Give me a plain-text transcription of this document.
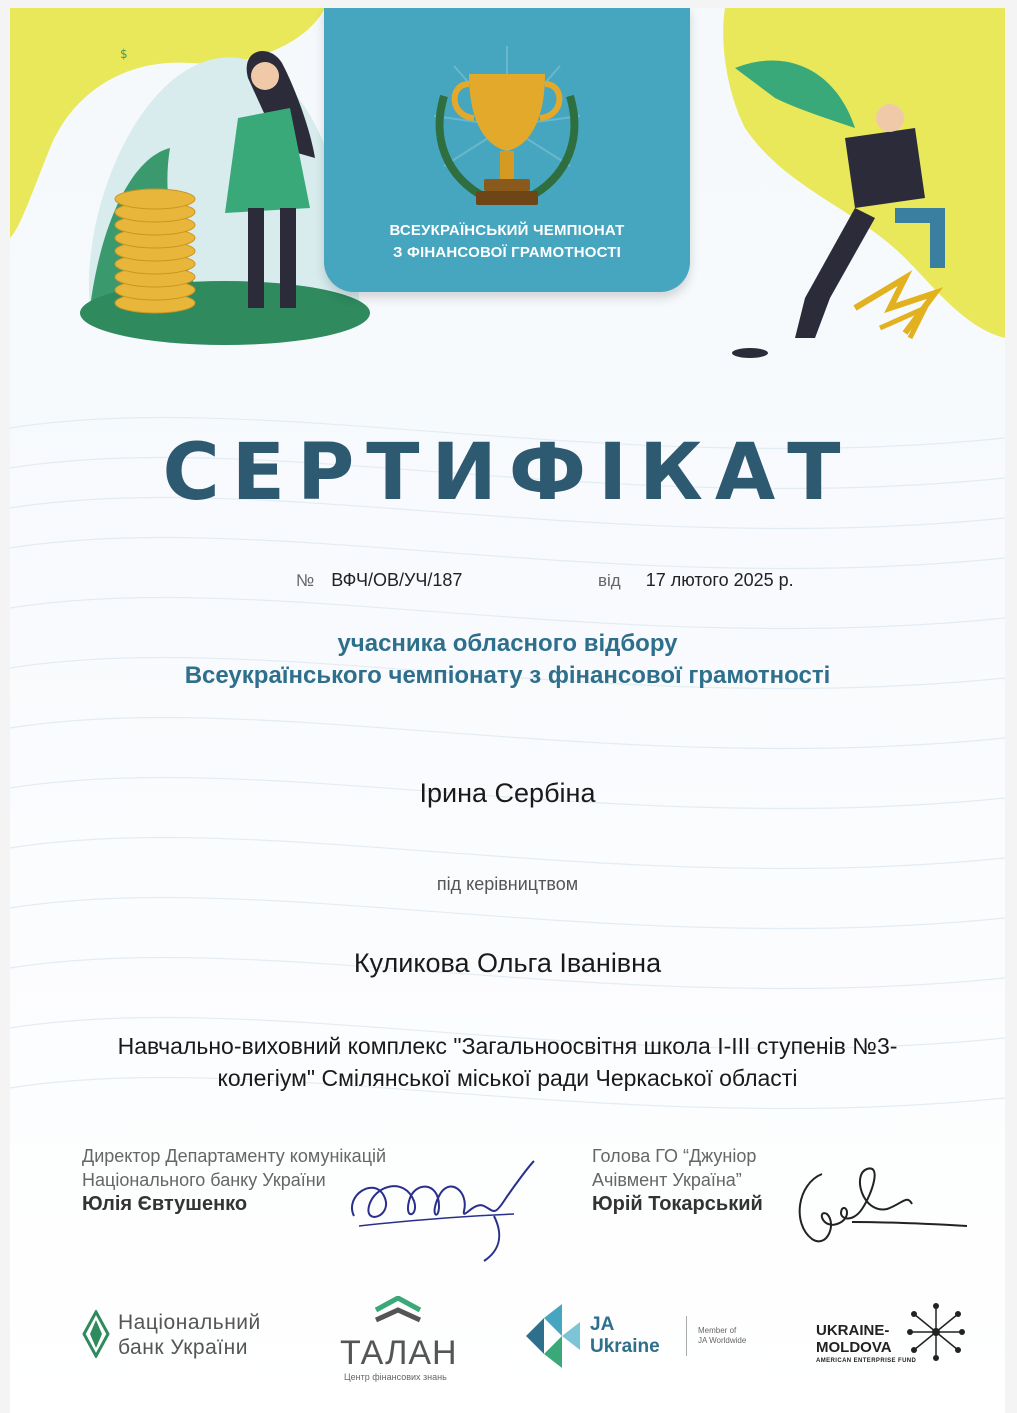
$
ВСЕУКРАЇНСЬКИЙ ЧЕМПІОНАТ
З ФІНАНСОВОЇ ГРАМОТНОСТІ
СЕРТИФІКАТ
№ ВФЧ/ОВ/УЧ/187	від 17 лютого 2025 р.
учасника обласного відбору
Всеукраїнського чемпіонату з фінансової грамотності
Ірина Сербіна
під керівництвом
Куликова Ольга Іванівна
Навчально-виховний комплекс "Загальноосвітня школа І-ІІІ ступенів №3-
колегіум" Смілянської міської ради Черкаської області
Директор Департаменту комунікацій
Національного банку України
Юлія Євтушенко
Голова ГО “Джуніор
Ачівмент Україна”
Юрій Токарський
Національний
банк України	ТАЛАН
Центр фінансових знань
JA
Ukraine
Member of
JA Worldwide
UKRAINE-
MOLDOVA
AMERICAN ENTERPRISE FUND
